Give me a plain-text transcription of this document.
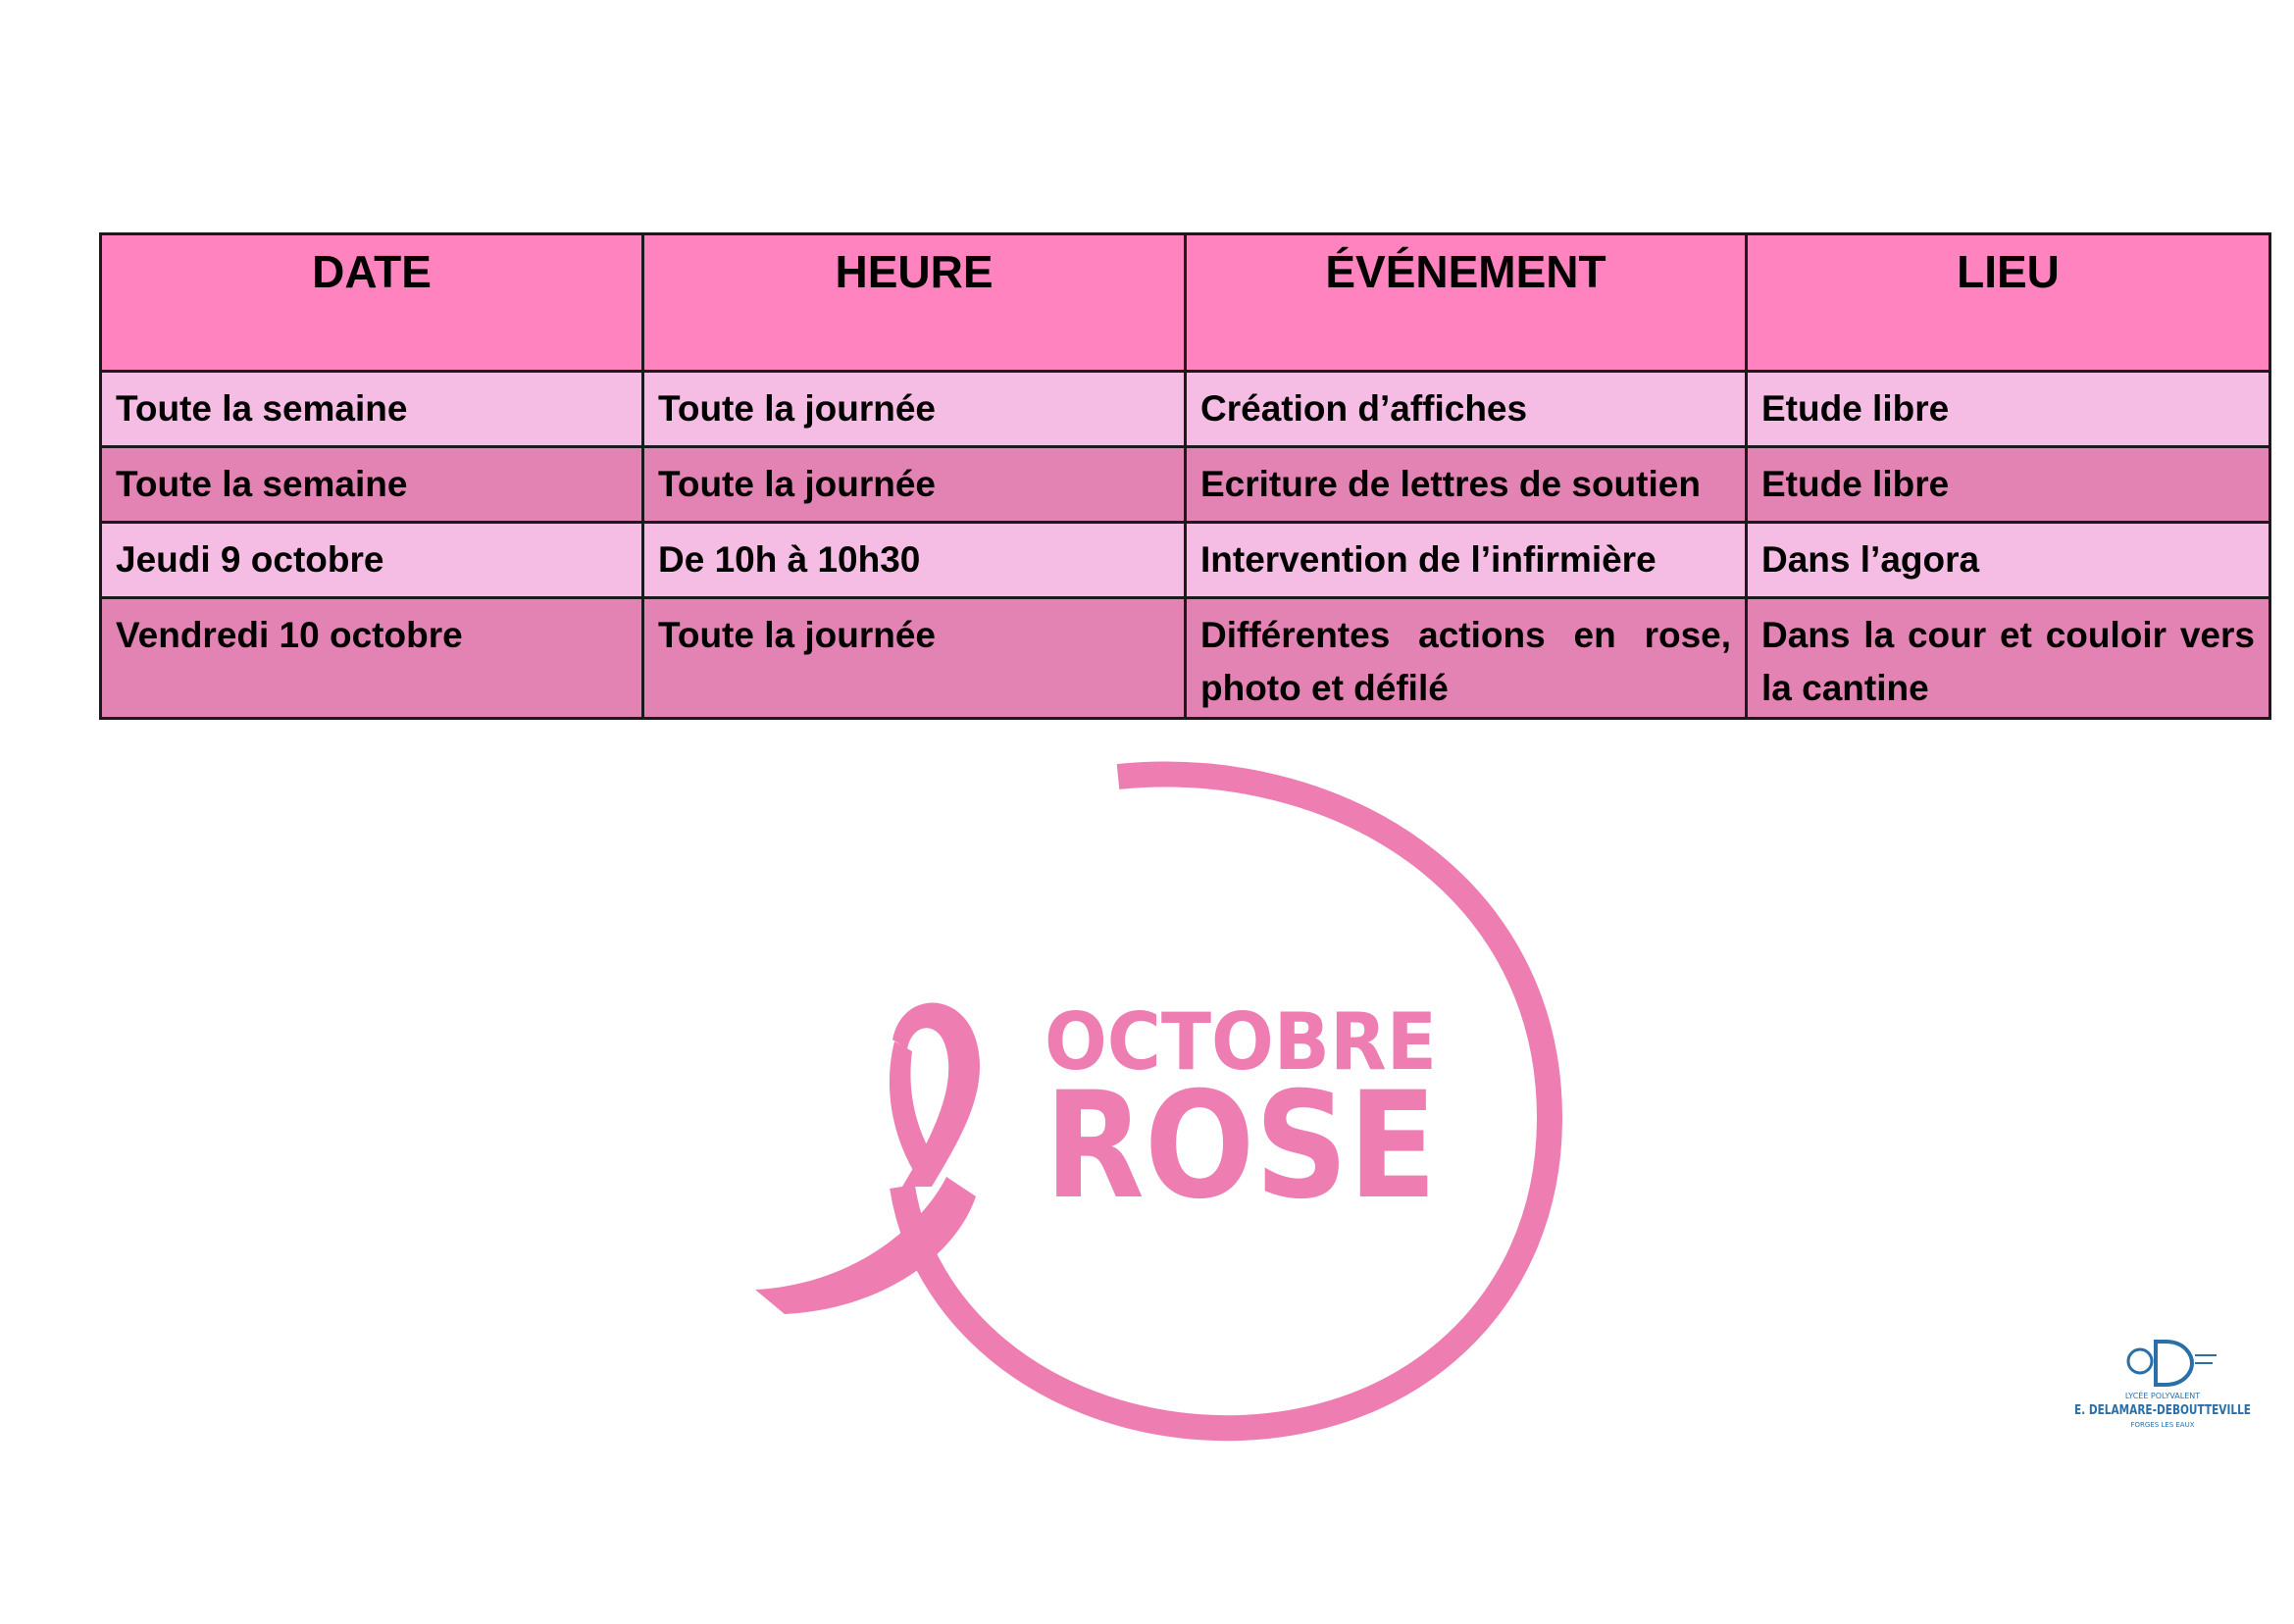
DATE	HEURE	ÉVÉNEMENT	LIEU
Toute la semaine	Toute la journée	Création d’affiches	Etude libre
Toute la semaine	Toute la journée	Ecriture de lettres de soutien	Etude libre
Jeudi 9 octobre	De 10h à 10h30	Intervention de l’infirmière	Dans l’agora
Vendredi 10 octobre	Toute la journée	Différentes actions en rose, photo et défilé	Dans la cour et couloir vers la cantine
OCTOBRE
ROSE
LYCÉE POLYVALENT
E. DELAMARE-DEBOUTTEVILLE
FORGES LES EAUX
